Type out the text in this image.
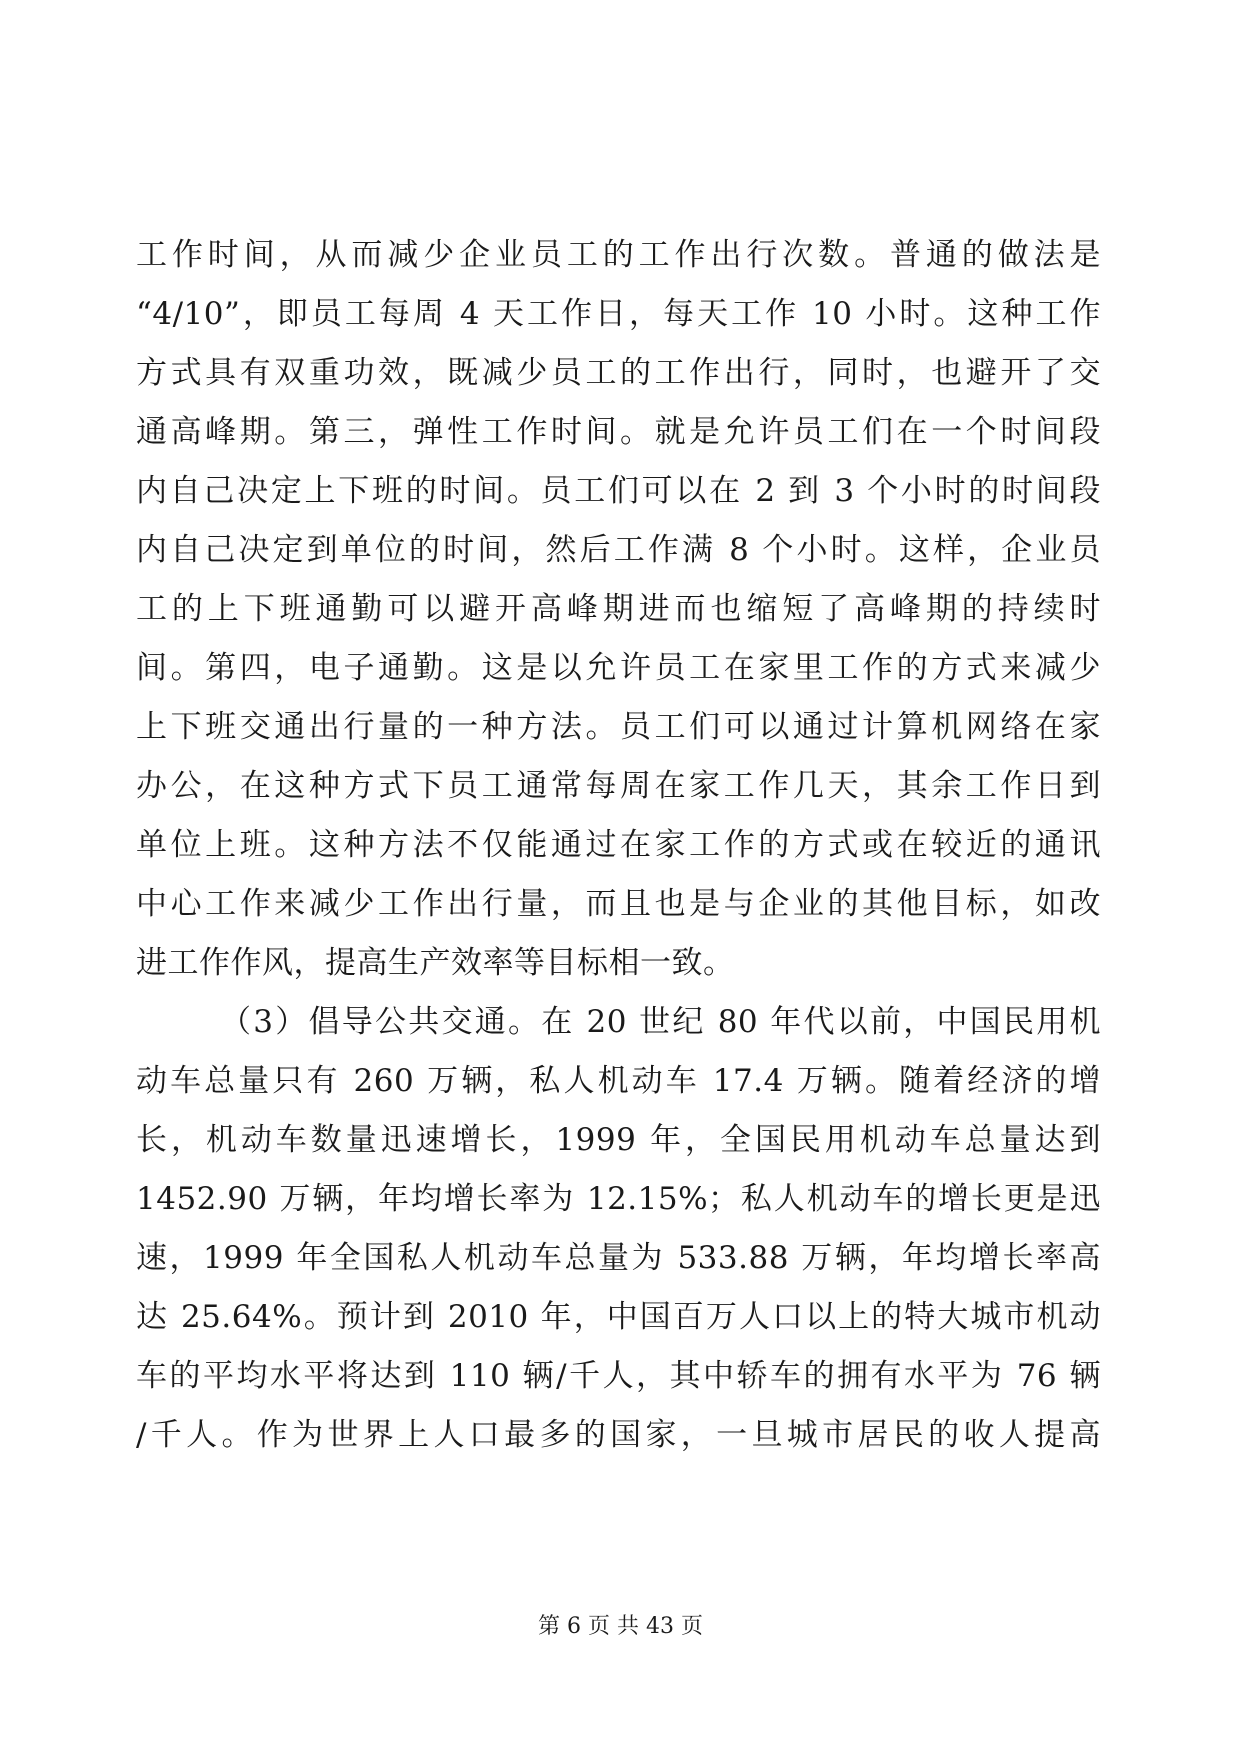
工作时间，从而减少企业员工的工作出行次数。普通的做法是
“4/10”，即员工每周 4 天工作日，每天工作 10 小时。这种工作
方式具有双重功效，既减少员工的工作出行，同时，也避开了交
通高峰期。第三，弹性工作时间。就是允许员工们在一个时间段
内自己决定上下班的时间。员工们可以在 2 到 3 个小时的时间段
内自己决定到单位的时间，然后工作满 8 个小时。这样，企业员
工的上下班通勤可以避开高峰期进而也缩短了高峰期的持续时
间。第四，电子通勤。这是以允许员工在家里工作的方式来减少
上下班交通出行量的一种方法。员工们可以通过计算机网络在家
办公，在这种方式下员工通常每周在家工作几天，其余工作日到
单位上班。这种方法不仅能通过在家工作的方式或在较近的通讯
中心工作来减少工作出行量，而且也是与企业的其他目标，如改
进工作作风，提高生产效率等目标相一致。
（3）倡导公共交通。在 20 世纪 80 年代以前，中国民用机
动车总量只有 260 万辆，私人机动车 17.4 万辆。随着经济的增
长，机动车数量迅速增长，1999 年，全国民用机动车总量达到
1452.90 万辆，年均增长率为 12.15%；私人机动车的增长更是迅
速，1999 年全国私人机动车总量为 533.88 万辆，年均增长率高
达 25.64%。预计到 2010 年，中国百万人口以上的特大城市机动
车的平均水平将达到 110 辆/千人，其中轿车的拥有水平为 76 辆
/千人。作为世界上人口最多的国家，一旦城市居民的收人提高
第 6 页 共 43 页
